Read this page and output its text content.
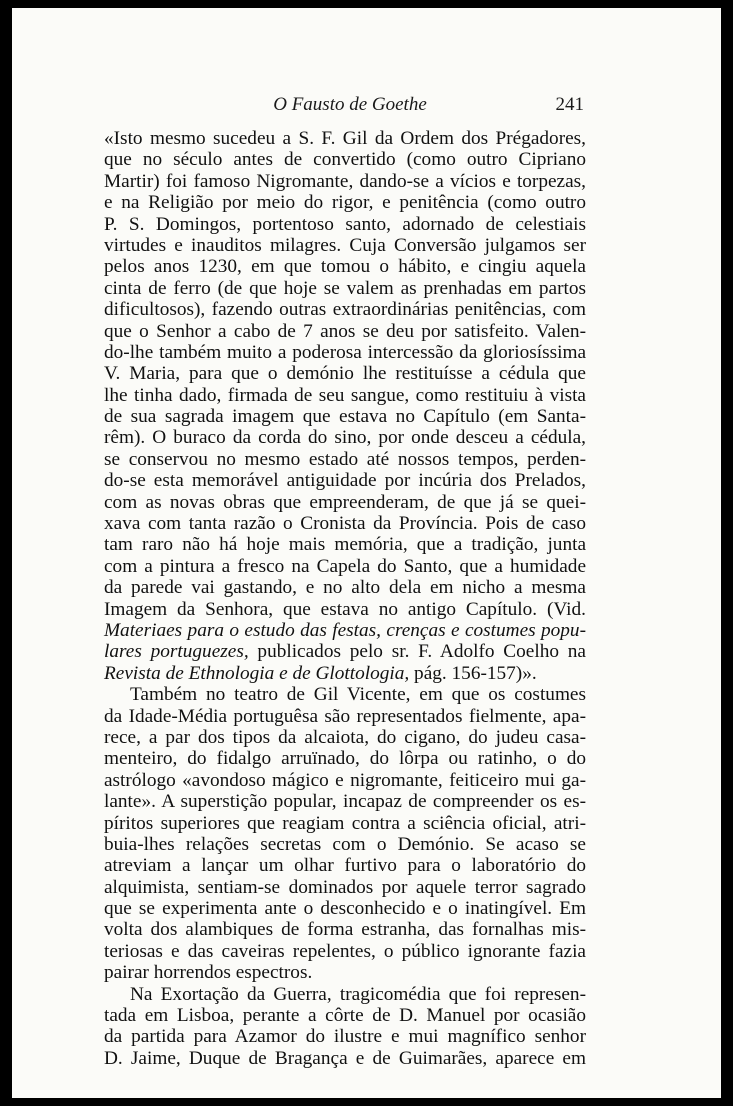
O Fausto de Goethe	241
«Isto mesmo sucedeu a S. F. Gil da Ordem dos Prégadores,
que no século antes de convertido (como outro Cipriano
Martir) foi famoso Nigromante, dando-se a vícios e torpezas,
e na Religião por meio do rigor, e penitência (como outro
P. S. Domingos, portentoso santo, adornado de celestiais
virtudes e inauditos milagres. Cuja Conversão julgamos ser
pelos anos 1230, em que tomou o hábito, e cingiu aquela
cinta de ferro (de que hoje se valem as prenhadas em partos
dificultosos), fazendo outras extraordinárias penitências, com
que o Senhor a cabo de 7 anos se deu por satisfeito. Valen-
do-lhe também muito a poderosa intercessão da gloriosíssima
V. Maria, para que o demónio lhe restituísse a cédula que
lhe tinha dado, firmada de seu sangue, como restituiu à vista
de sua sagrada imagem que estava no Capítulo (em Santa-
rêm). O buraco da corda do sino, por onde desceu a cédula,
se conservou no mesmo estado até nossos tempos, perden-
do-se esta memorável antiguidade por incúria dos Prelados,
com as novas obras que empreenderam, de que já se quei-
xava com tanta razão o Cronista da Província. Pois de caso
tam raro não há hoje mais memória, que a tradição, junta
com a pintura a fresco na Capela do Santo, que a humidade
da parede vai gastando, e no alto dela em nicho a mesma
Imagem da Senhora, que estava no antigo Capítulo. (Vid.
Materiaes para o estudo das festas, crenças e costumes popu-
lares portuguezes, publicados pelo sr. F. Adolfo Coelho na
Revista de Ethnologia e de Glottologia, pág. 156-157)».
Também no teatro de Gil Vicente, em que os costumes
da Idade-Média portuguêsa são representados fielmente, apa-
rece, a par dos tipos da alcaiota, do cigano, do judeu casa-
menteiro, do fidalgo arruïnado, do lôrpa ou ratinho, o do
astrólogo «avondoso mágico e nigromante, feiticeiro mui ga-
lante». A superstição popular, incapaz de compreender os es-
píritos superiores que reagiam contra a sciência oficial, atri-
buia-lhes relações secretas com o Demónio. Se acaso se
atreviam a lançar um olhar furtivo para o laboratório do
alquimista, sentiam-se dominados por aquele terror sagrado
que se experimenta ante o desconhecido e o inatingível. Em
volta dos alambiques de forma estranha, das fornalhas mis-
teriosas e das caveiras repelentes, o público ignorante fazia
pairar horrendos espectros.
Na Exortação da Guerra, tragicomédia que foi represen-
tada em Lisboa, perante a côrte de D. Manuel por ocasião
da partida para Azamor do ilustre e mui magnífico senhor
D. Jaime, Duque de Bragança e de Guimarães, aparece em
